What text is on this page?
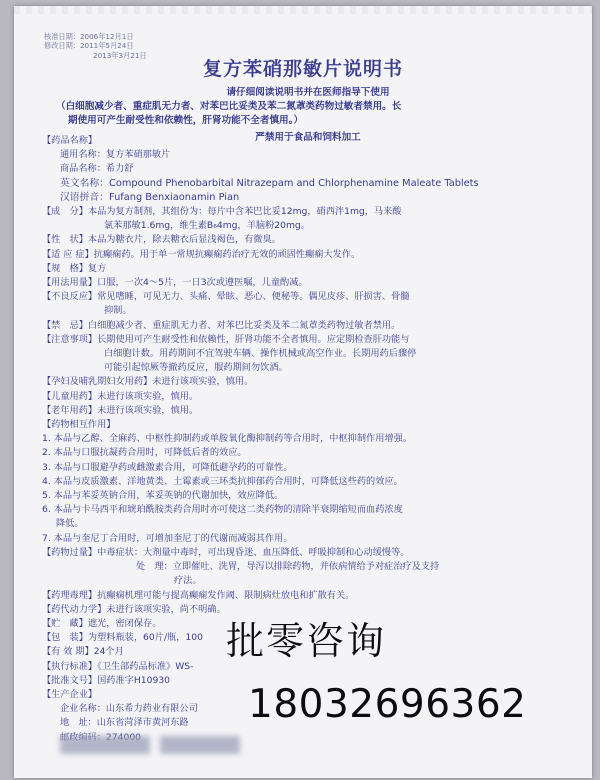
核准日期：2006年12月1日
修改日期：2011年5月24日
2013年3月21日
复方苯硝那敏片说明书
请仔细阅读说明书并在医师指导下使用
（白细胞减少者、重症肌无力者、对苯巴比妥类及苯二氮䓬类药物过敏者禁用。长
期使用可产生耐受性和依赖性，肝肾功能不全者慎用。）
严禁用于食品和饲料加工
【药品名称】
通用名称：复方苯硝那敏片
商品名称：希力舒
英文名称：Compound Phenobarbital Nitrazepam and Chlorphenamine Maleate Tablets
汉语拼音：Fufang Benxiaonamin Pian
【成　分】本品为复方制剂，其组份为：每片中含苯巴比妥12mg，硝西泮1mg，马来酸
氯苯那敏1.6mg，维生素B₆4mg，羊脑粉20mg。
【性　状】本品为糖衣片，除去糖衣后显浅褐色，有微臭。
【适 应 症】抗癫痫药。用于单一常规抗癫痫药治疗无效的顽固性癫痫大发作。
【规　格】复方
【用法用量】口服，一次4～5片，一日3次或遵医嘱，儿童酌减。
【不良反应】常见嗜睡，可见无力、头痛、晕眩、恶心、便秘等。偶见皮疹、肝损害、骨髓
抑制。
【禁　忌】白细胞减少者、重症肌无力者、对苯巴比妥类及苯二氮䓬类药物过敏者禁用。
【注意事项】长期使用可产生耐受性和依赖性，肝肾功能不全者慎用。应定期检查肝功能与
白细胞计数。用药期间不宜驾驶车辆、操作机械或高空作业。长期用药后骤停
可能引起惊厥等撤药反应，服药期间勿饮酒。
【孕妇及哺乳期妇女用药】未进行该项实验，慎用。
【儿童用药】未进行该项实验，慎用。
【老年用药】未进行该项实验，慎用。
【药物相互作用】
1. 本品与乙醇、全麻药、中枢性抑制药或单胺氧化酶抑制药等合用时，中枢抑制作用增强。
2. 本品与口服抗凝药合用时，可降低后者的效应。
3. 本品与口服避孕药或雌激素合用，可降低避孕药的可靠性。
4. 本品与皮质激素、洋地黄类、土霉素或三环类抗抑郁药合用时，可降低这些药的效应。
5. 本品与苯妥英钠合用，苯妥英钠的代谢加快，效应降低。
6. 本品与卡马西平和琥珀酰胺类药合用时亦可使这二类药物的清除半衰期缩短而血药浓度
降低。
7. 本品与奎尼丁合用时，可增加奎尼丁的代谢而减弱其作用。
【药物过量】中毒症状：大剂量中毒时，可出现昏迷、血压降低、呼吸抑制和心动缓慢等。
处　理：立即催吐、洗胃，导泻以排除药物，并依病情给予对症治疗及支持
疗法。
【药理毒理】抗癫痫机理可能与提高癫痫发作阈、限制病灶放电和扩散有关。
【药代动力学】未进行该项实验，尚不明确。
【贮　藏】遮光，密闭保存。
【包　装】为塑料瓶装，60片/瓶，100
【有 效 期】24个月
【执行标准】《卫生部药品标准》WS-
【批准文号】国药准字H10930
【生产企业】
企业名称：山东希力药业有限公司
地　址：山东省菏泽市黄河东路
批零咨询
18032696362
